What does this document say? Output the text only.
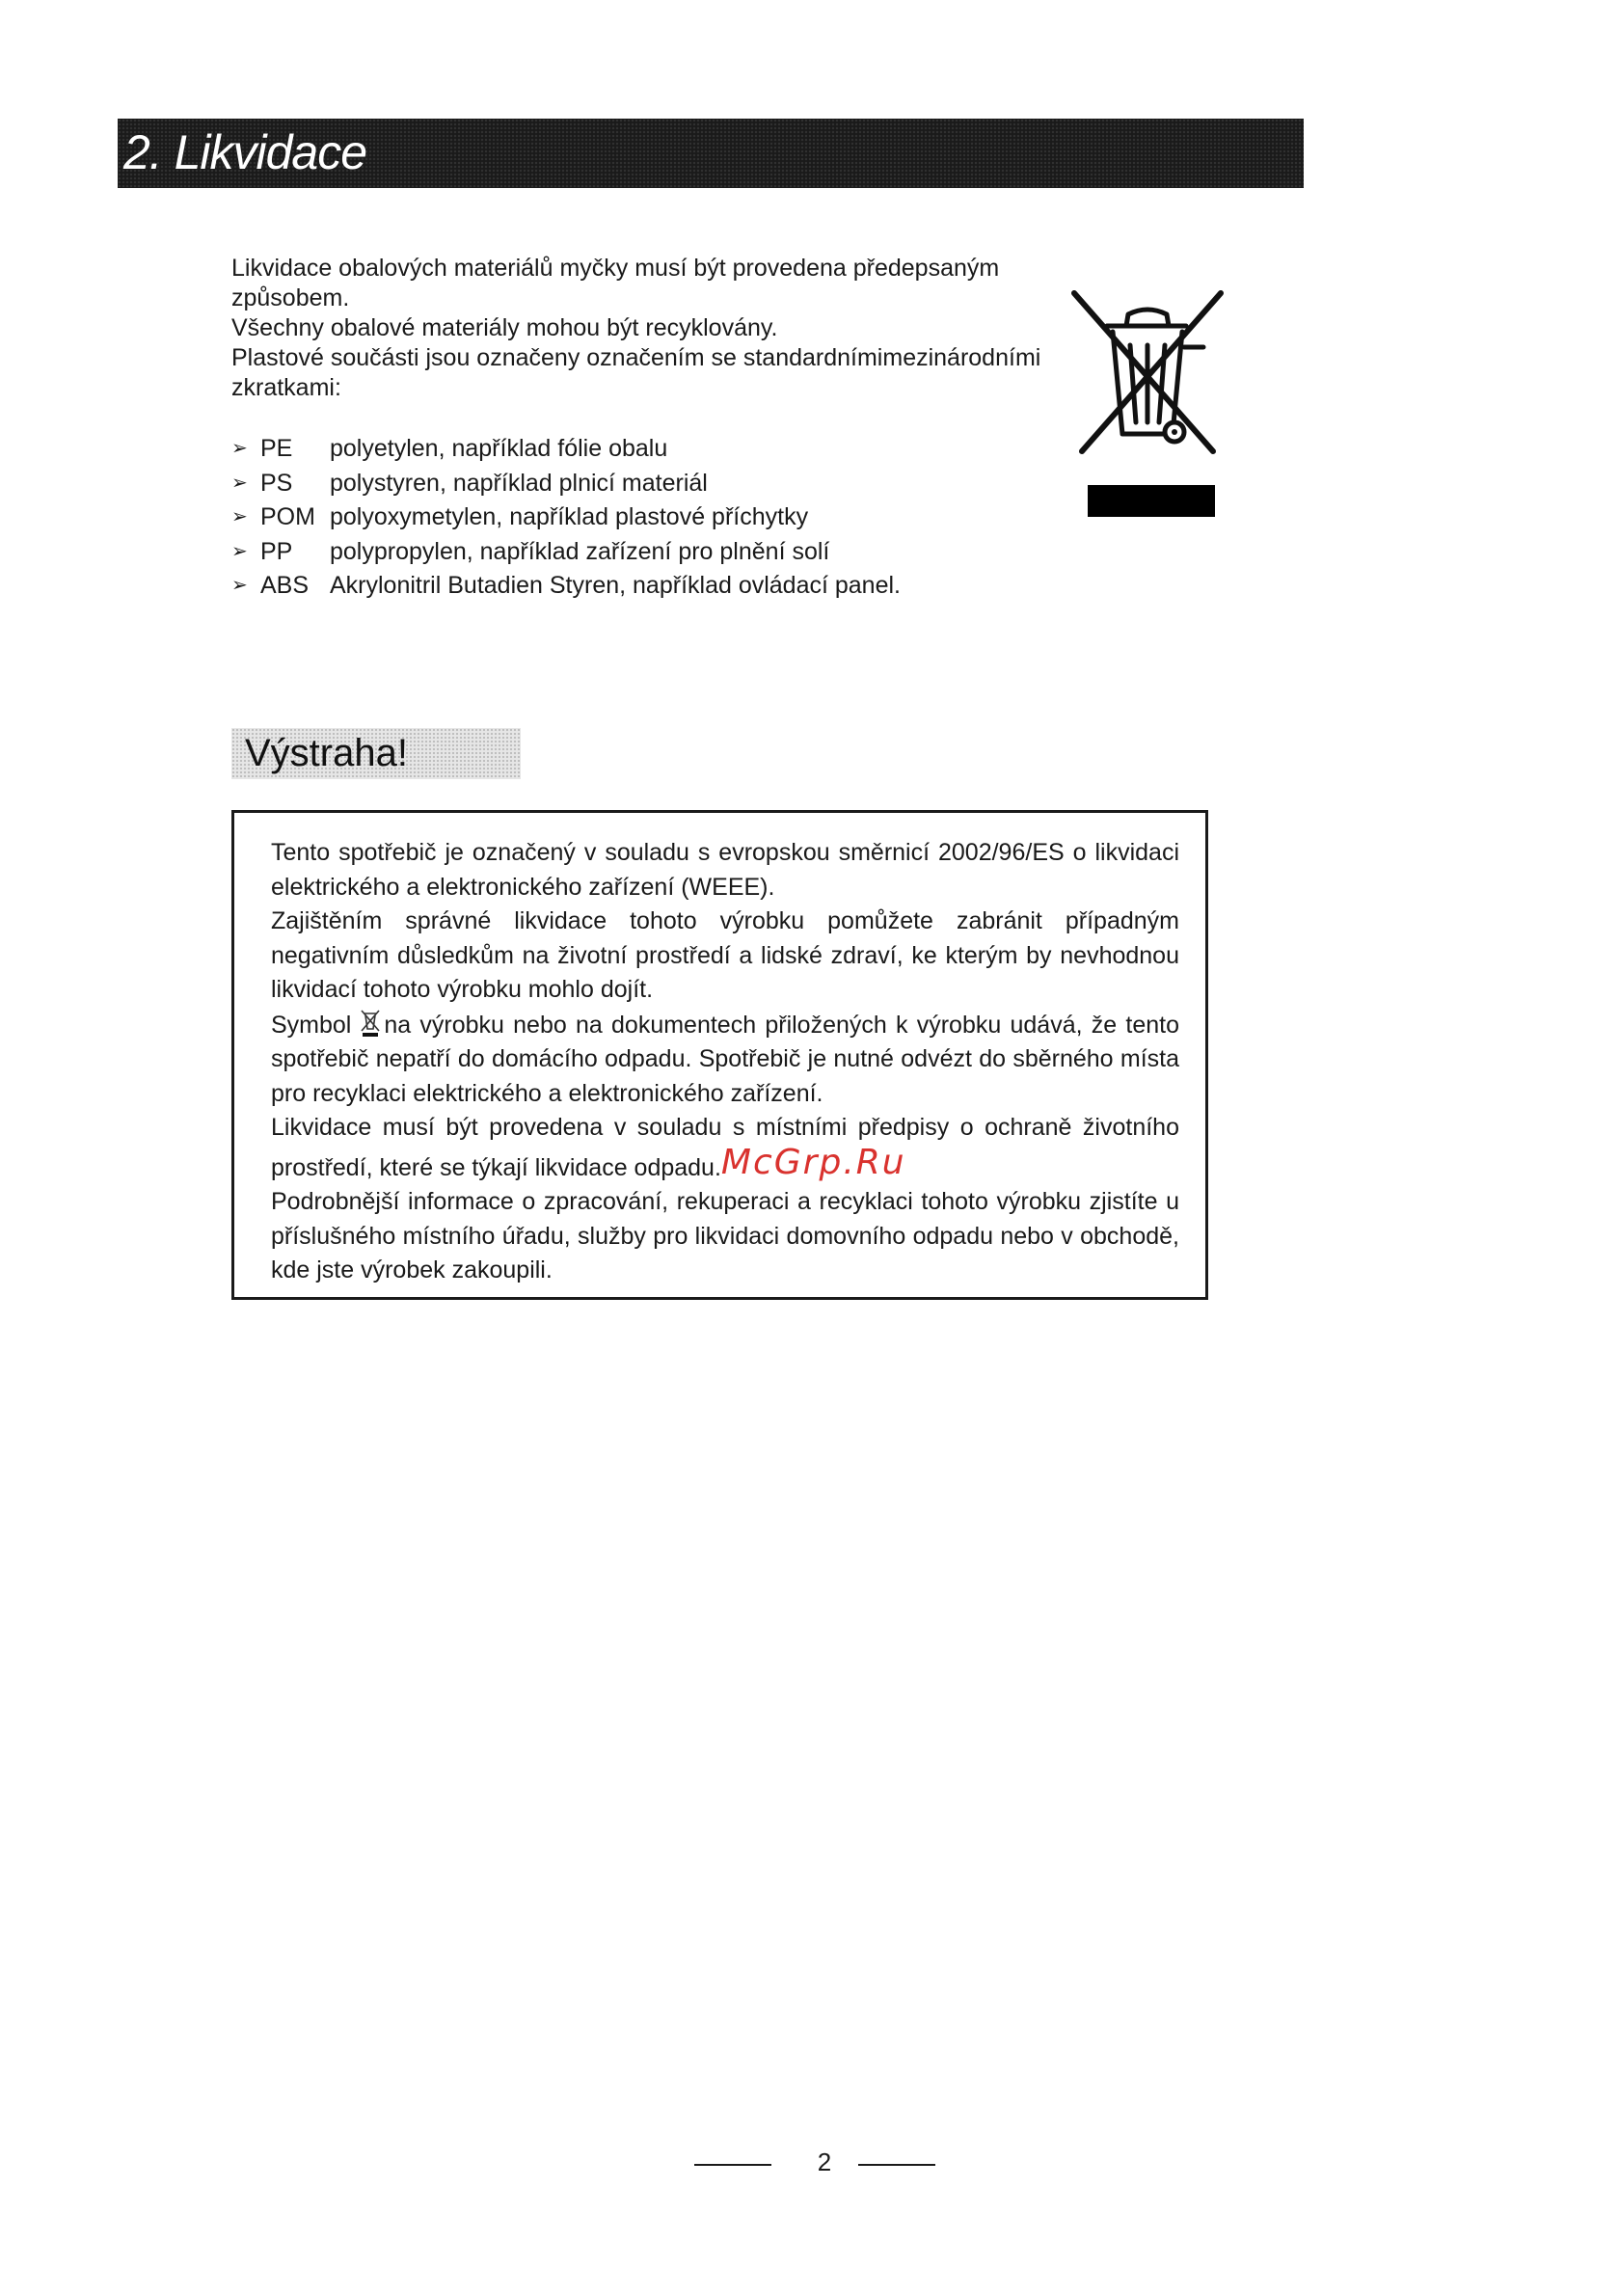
2. Likvidace

Likvidace obalových materiálů myčky musí být provedena předepsaným způsobem.

Všechny obalové materiály mohou být recyklovány.

Plastové součásti jsou označeny označením se standardnímimezinárodními zkratkami:

➢ PE	polyetylen, například fólie obalu
➢ PS	polystyren, například plnicí materiál
➢ POM polyoxymetylen, například plastové příchytky
➢ PP	polypropylen, například zařízení pro plnění solí
➢ ABS Akrylonitril Butadien Styren, například ovládací panel.
Výstraha!

Tento spotřebič je označený v souladu s evropskou směrnicí 2002/96/ES o likvidaci elektrického a elektronického zařízení (WEEE).

Zajištěním správné likvidace tohoto výrobku pomůžete zabránit případným negativním důsledkům na životní prostředí a lidské zdraví, ke kterým by nevhodnou likvidací tohoto výrobku mohlo dojít.

Symbol na výrobku nebo na dokumentech přiložených k výrobku udává, že tento spotřebič nepatří do domácího odpadu. Spotřebič je nutné odvézt do sběrného místa pro recyklaci elektrického a elektronického zařízení.

Likvidace musí být provedena v souladu s místními předpisy o ochraně životního prostředí, které se týkají likvidace odpadu.McGrp.Ru

Podrobnější informace o zpracování, rekuperaci a recyklaci tohoto výrobku zjistíte u příslušného místního úřadu, služby pro likvidaci domovního odpadu nebo v obchodě, kde jste výrobek zakoupili.

2
